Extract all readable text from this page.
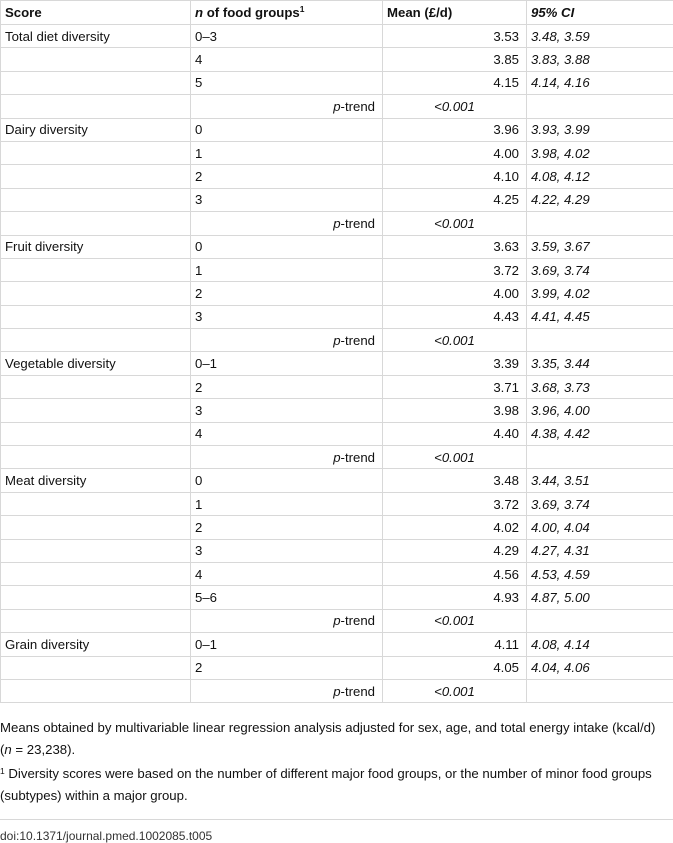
Score	n of food groups$^1$	Mean (£/d)	95% CI
Total diet diversity	0–3	3.53	3.48, 3.59
	4	3.85	3.83, 3.88
	5	4.15	4.14, 4.16
	p-trend	<0.001	
Dairy diversity	0	3.96	3.93, 3.99
	1	4.00	3.98, 4.02
	2	4.10	4.08, 4.12
	3	4.25	4.22, 4.29
	p-trend	<0.001	
Fruit diversity	0	3.63	3.59, 3.67
	1	3.72	3.69, 3.74
	2	4.00	3.99, 4.02
	3	4.43	4.41, 4.45
	p-trend	<0.001	
Vegetable diversity	0–1	3.39	3.35, 3.44
	2	3.71	3.68, 3.73
	3	3.98	3.96, 4.00
	4	4.40	4.38, 4.42
	p-trend	<0.001	
Meat diversity	0	3.48	3.44, 3.51
	1	3.72	3.69, 3.74
	2	4.02	4.00, 4.04
	3	4.29	4.27, 4.31
	4	4.56	4.53, 4.59
	5–6	4.93	4.87, 5.00
	p-trend	<0.001	
Grain diversity	0–1	4.11	4.08, 4.14
	2	4.05	4.04, 4.06
	p-trend	<0.001	

Means obtained by multivariable linear regression analysis adjusted for sex, age, and total energy intake (kcal/d) (n = 23,238).

$^1$ Diversity scores were based on the number of different major food groups, or the number of minor food groups (subtypes) within a major group.

doi:10.1371/journal.pmed.1002085.t005
